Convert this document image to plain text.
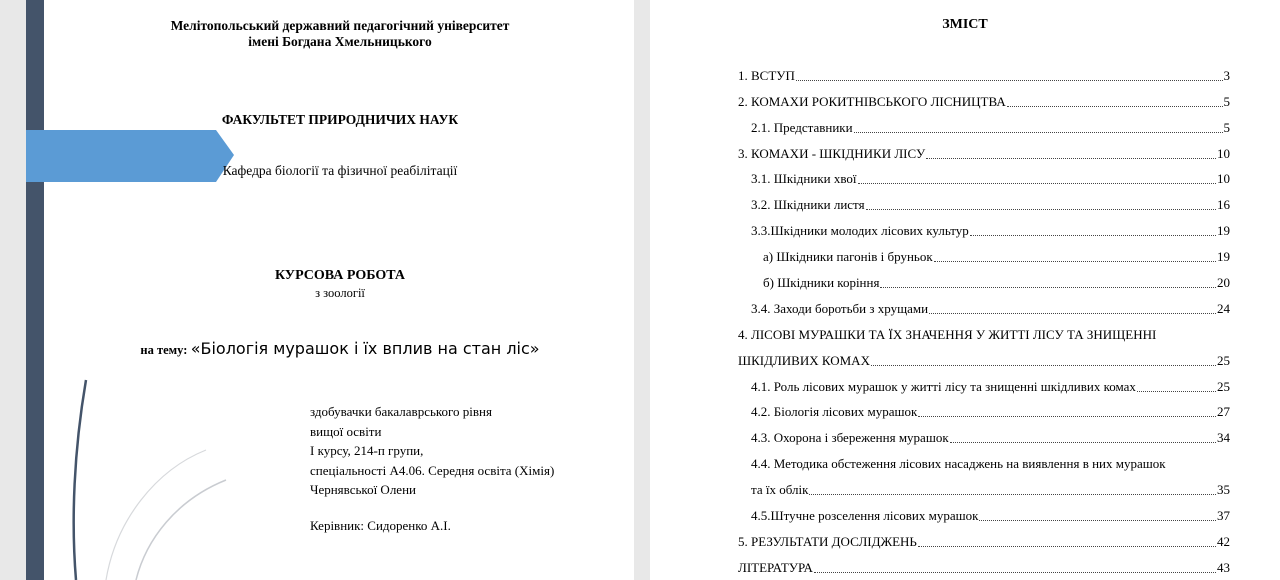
Мелітопольський державний педагогічний університет
імені Богдана Хмельницького
ФАКУЛЬТЕТ ПРИРОДНИЧИХ НАУК
Кафедра біології та фізичної реабілітації
КУРСОВА РОБОТА
з зоології
на тему: «Біологія мурашок і їх вплив на стан ліс»
здобувачки бакалаврського рівня
вищої освіти
І курсу, 214-п групи,
спеціальності А4.06. Середня освіта (Хімія)
Чернявської Олени
Керівник: Сидоренко А.І.
ЗМІСТ
1. ВСТУП	3
2. КОМАХИ РОКИТНІВСЬКОГО ЛІСНИЦТВА	5
2.1. Представники	5
3. КОМАХИ - ШКІДНИКИ ЛІСУ	10
3.1. Шкідники хвої	10
3.2. Шкідники листя	16
3.3.Шкідники молодих лісових культур	19
а) Шкідники пагонів і бруньок	19
б) Шкідники коріння	20
3.4. Заходи боротьби з хрущами	24
4. ЛІСОВІ МУРАШКИ ТА ЇХ ЗНАЧЕННЯ У ЖИТТІ ЛІСУ ТА ЗНИЩЕННІ
ШКІДЛИВИХ КОМАХ	25
4.1. Роль лісових мурашок у житті лісу та знищенні шкідливих комах	25
4.2. Біологія лісових мурашок	27
4.3. Охорона і збереження мурашок	34
4.4. Методика обстеження лісових насаджень на виявлення в них мурашок
та їх облік	35
4.5.Штучне розселення лісових мурашок	37
5. РЕЗУЛЬТАТИ ДОСЛІДЖЕНЬ	42
ЛІТЕРАТУРА	43
